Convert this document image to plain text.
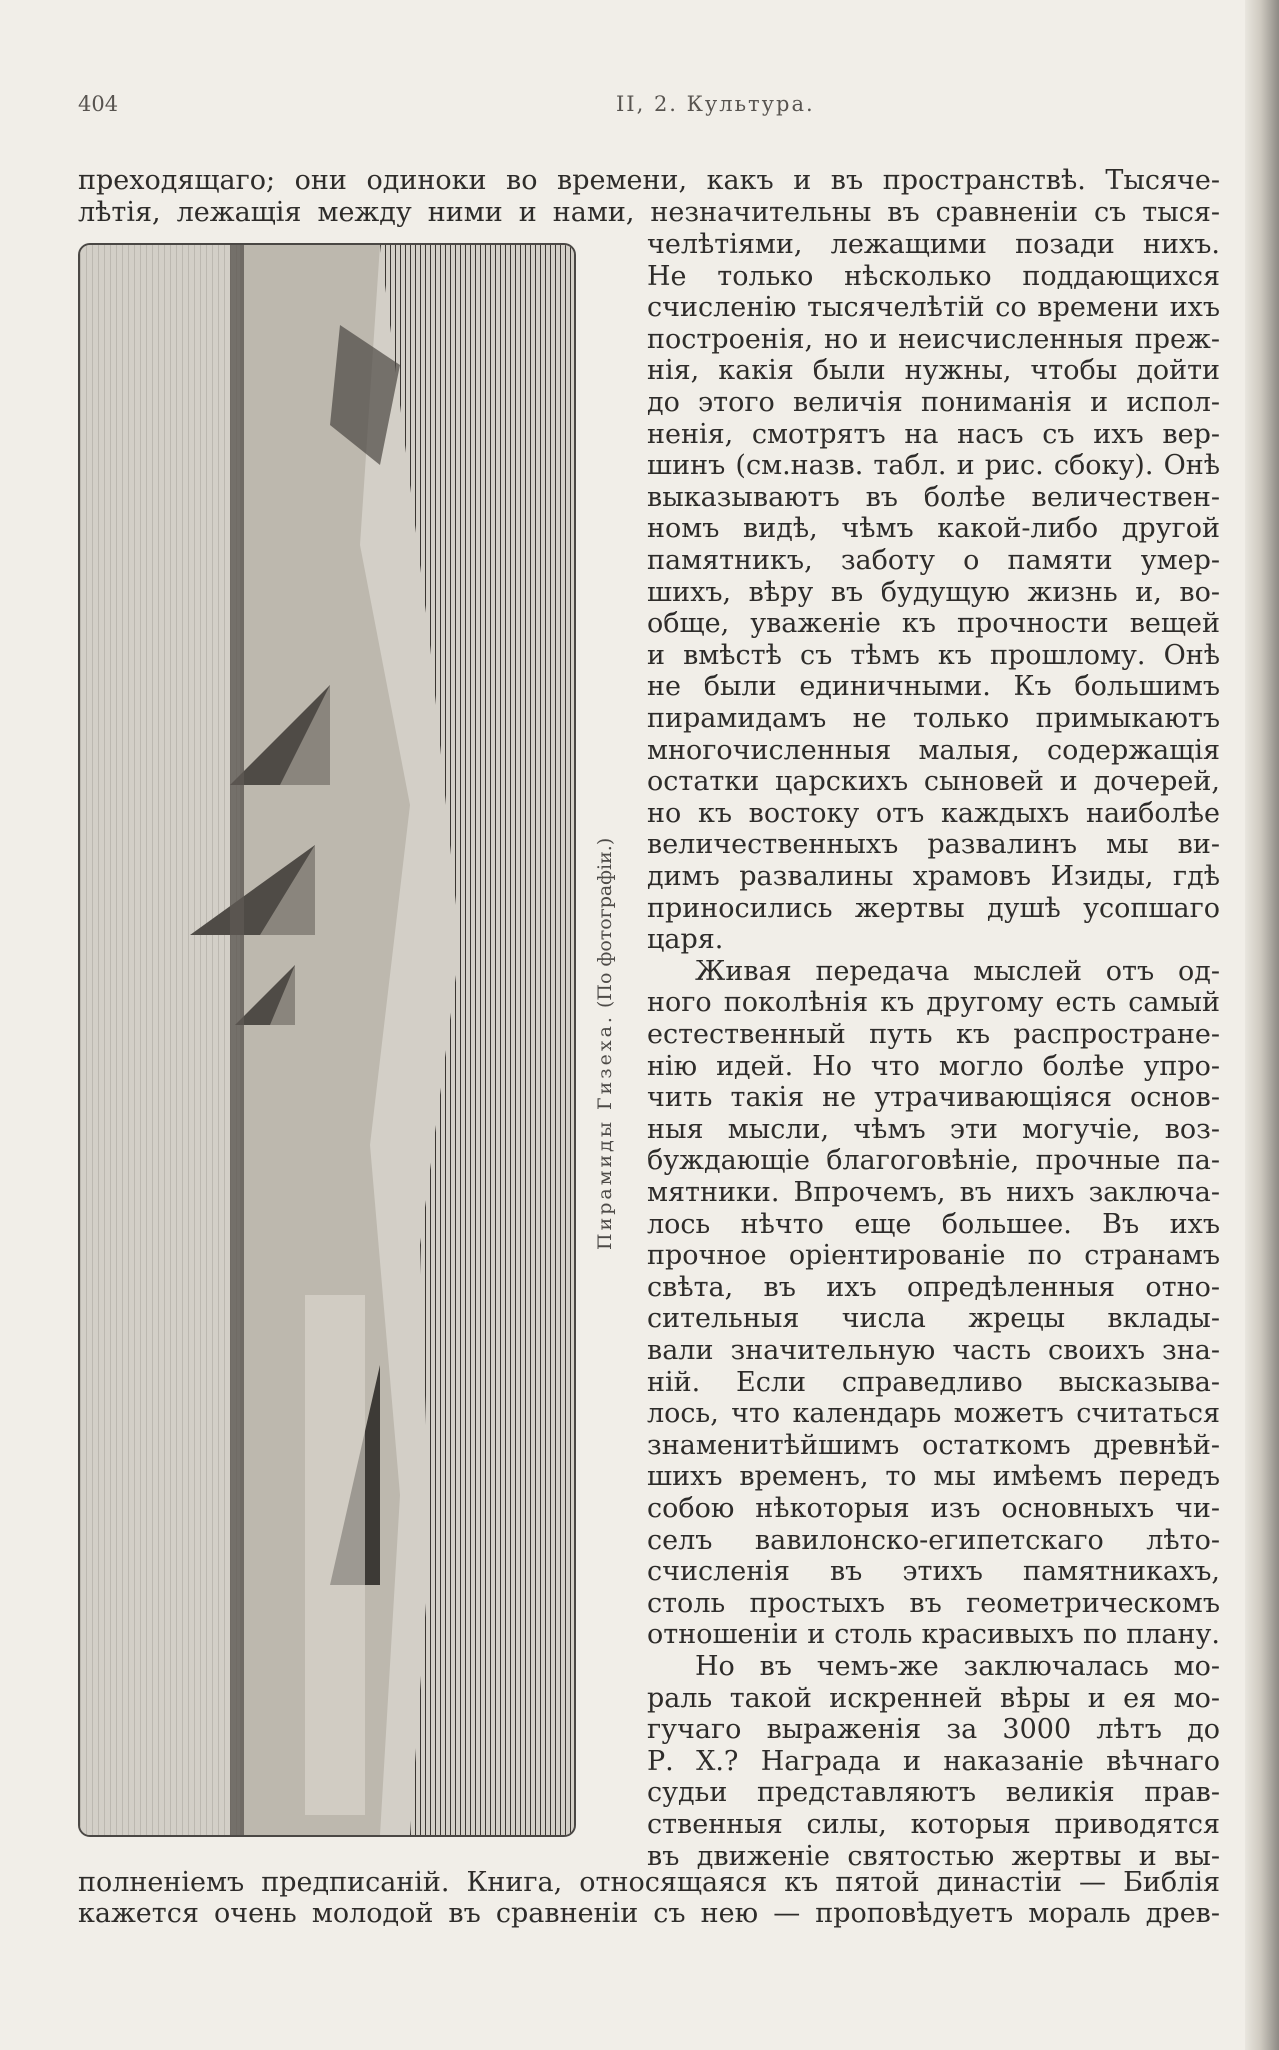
404	II, 2. Культура.
преходящаго; они одиноки во времени, какъ и въ пространствѣ. Тысяче-
лѣтія, лежащія между ними и нами, незначительны въ сравненіи съ тыся-
Пирамиды Гизеха. (По фотографіи.)
челѣтіями, лежащими позади нихъ.
Не только нѣсколько поддающихся
счисленію тысячелѣтій со времени ихъ
построенія, но и неисчисленныя преж-
нія, какія были нужны, чтобы дойти
до этого величія пониманія и испол-
ненія, смотрятъ на насъ съ ихъ вер-
шинъ (см.назв. табл. и рис. сбоку). Онѣ
выказываютъ въ болѣе величествен-
номъ видѣ, чѣмъ какой-либо другой
памятникъ, заботу о памяти умер-
шихъ, вѣру въ будущую жизнь и, во-
обще, уваженіе къ прочности вещей
и вмѣстѣ съ тѣмъ къ прошлому. Онѣ
не были единичными. Къ большимъ
пирамидамъ не только примыкаютъ
многочисленныя малыя, содержащія
остатки царскихъ сыновей и дочерей,
но къ востоку отъ каждыхъ наиболѣе
величественныхъ развалинъ мы ви-
димъ развалины храмовъ Изиды, гдѣ
приносились жертвы душѣ усопшаго
царя.
Живая передача мыслей отъ од-
ного поколѣнія къ другому есть самый
естественный путь къ распростране-
нію идей. Но что могло болѣе упро-
чить такія не утрачивающіяся основ-
ныя мысли, чѣмъ эти могучіе, воз-
буждающіе благоговѣніе, прочные па-
мятники. Впрочемъ, въ нихъ заключа-
лось нѣчто еще большее. Въ ихъ
прочное оріентированіе по странамъ
свѣта, въ ихъ опредѣленныя отно-
сительныя числа жрецы вклады-
вали значительную часть своихъ зна-
ній. Если справедливо высказыва-
лось, что календарь можетъ считаться
знаменитѣйшимъ остаткомъ древнѣй-
шихъ временъ, то мы имѣемъ передъ
собою нѣкоторыя изъ основныхъ чи-
селъ вавилонско-египетскаго лѣто-
счисленія въ этихъ памятникахъ,
столь простыхъ въ геометрическомъ
отношеніи и столь красивыхъ по плану.
Но въ чемъ-же заключалась мо-
раль такой искренней вѣры и ея мо-
гучаго выраженія за 3000 лѣтъ до
Р. Х.? Награда и наказаніе вѣчнаго
судьи представляютъ великія прав-
ственныя силы, которыя приводятся
въ движеніе святостью жертвы и вы-
полненіемъ предписаній. Книга, относящаяся къ пятой династіи — Библія
кажется очень молодой въ сравненіи съ нею — проповѣдуетъ мораль древ-
